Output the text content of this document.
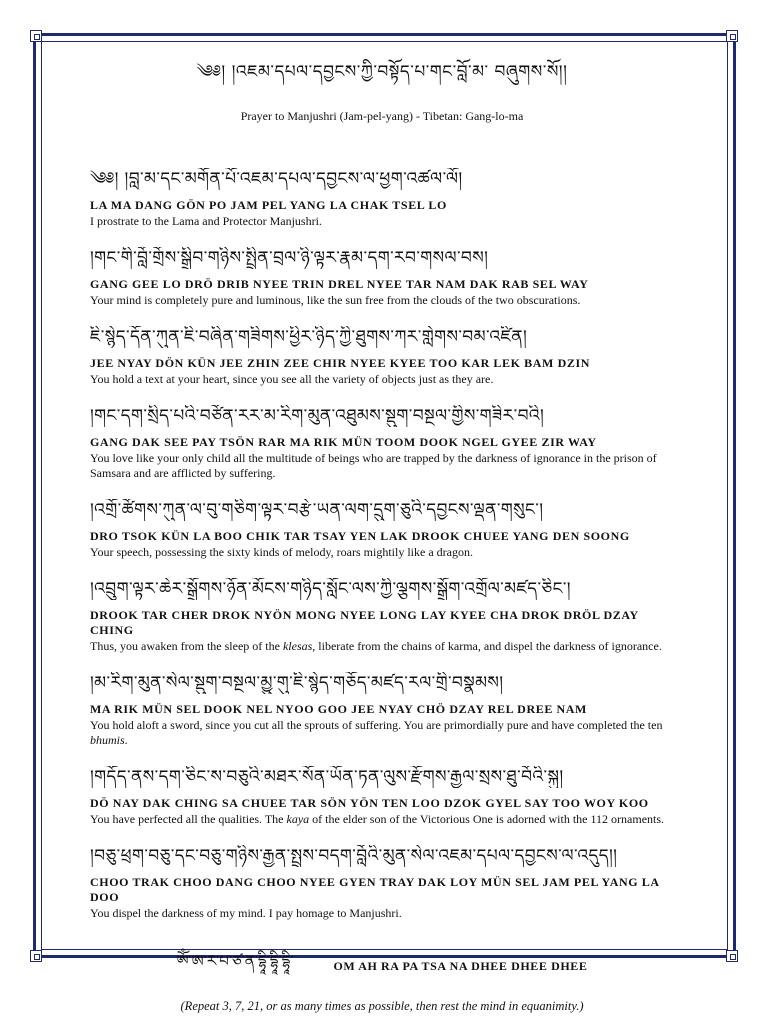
༄༅། །འཇམ་དཔལ་དབྱངས་ཀྱི་བསྟོད་པ་གང་བློ་མ་ བཞུགས་སོ།།
Prayer to Manjushri (Jam-pel-yang) - Tibetan: Gang-lo-ma
༄༅། །བླ་མ་དང་མགོན་པོ་འཇམ་དཔལ་དབྱངས་ལ་ཕྱག་འཚལ་ལོ།
LA MA DANG GÖN PO JAM PEL YANG LA CHAK TSEL LO
I prostrate to the Lama and Protector Manjushri.
།གང་གི་བློ་གྲོས་སྒྲིབ་གཉིས་སྤྲིན་བྲལ་ཉི་ལྟར་རྣམ་དག་རབ་གསལ་བས།
GANG GEE LO DRÖ DRIB NYEE TRIN DREL NYEE TAR NAM DAK RAB SEL WAY
Your mind is completely pure and luminous, like the sun free from the clouds of the two obscurations.
ཇི་སྙེད་དོན་ཀུན་ཇི་བཞིན་གཟིགས་ཕྱིར་ཉིད་ཀྱི་ཐུགས་ཀར་གླེགས་བམ་འཛིན།
JEE NYAY DÖN KÜN JEE ZHIN ZEE CHIR NYEE KYEE TOO KAR LEK BAM DZIN
You hold a text at your heart, since you see all the variety of objects just as they are.
།གང་དག་སྲིད་པའི་བཙོན་རར་མ་རིག་མུན་འཐུམས་སྡུག་བསྔལ་གྱིས་གཟིར་བའི།
GANG DAK SEE PAY TSÖN RAR MA RIK MÜN TOOM DOOK NGEL GYEE ZIR WAY
You love like your only child all the multitude of beings who are trapped by the darkness of ignorance in the prison of Samsara and are afflicted by suffering.
།འགྲོ་ཚོགས་ཀུན་ལ་བུ་གཅིག་ལྟར་བརྩེ་ཡན་ལག་དྲུག་ཅུའི་དབྱངས་ལྡན་གསུང་།
DRO TSOK KÜN LA BOO CHIK TAR TSAY YEN LAK DROOK CHUEE YANG DEN SOONG
Your speech, possessing the sixty kinds of melody, roars mightily like a dragon.
།འབྲུག་ལྟར་ཆེར་སྒྲོགས་ཉོན་མོངས་གཉིད་སློང་ལས་ཀྱི་ལྕགས་སྒྲོག་འགྲོལ་མཛད་ཅིང་།
DROOK TAR CHER DROK NYÖN MONG NYEE LONG LAY KYEE CHA DROK DRÖL DZAY CHING
Thus, you awaken from the sleep of the klesas, liberate from the chains of karma, and dispel the darkness of ignorance.
།མ་རིག་མུན་སེལ་སྡུག་བསྔལ་མྱུ་གུ་ཇི་སྙེད་གཅོད་མཛད་རལ་གྲི་བསྣམས།
MA RIK MÜN SEL DOOK NEL NYOO GOO JEE NYAY CHÖ DZAY REL DREE NAM
You hold aloft a sword, since you cut all the sprouts of suffering. You are primordially pure and have completed the ten bhumis.
།གདོད་ནས་དག་ཅིང་ས་བཅུའི་མཐར་སོན་ཡོན་ཏན་ལུས་རྫོགས་རྒྱལ་སྲས་ཐུ་བོའི་སྐུ།
DÖ NAY DAK CHING SA CHUEE TAR SÖN YÖN TEN LOO DZOK GYEL SAY TOO WOY KOO
You have perfected all the qualities. The kaya of the elder son of the Victorious One is adorned with the 112 ornaments.
།བཅུ་ཕྲག་བཅུ་དང་བཅུ་གཉིས་རྒྱན་སྤྲས་བདག་བློའི་མུན་སེལ་འཇམ་དཔལ་དབྱངས་ལ་འདུད།།
CHOO TRAK CHOO DANG CHOO NYEE GYEN TRAY DAK LOY MÜN SEL JAM PEL YANG LA DOO
You dispel the darkness of my mind. I pay homage to Manjushri.
ཨོཾ་ཨ་ར་པ་ཙ་ན་དྷཱི་དྷཱི་དྷཱི་	OM AH RA PA TSA NA DHEE DHEE DHEE
(Repeat 3, 7, 21, or as many times as possible, then rest the mind in equanimity.)
